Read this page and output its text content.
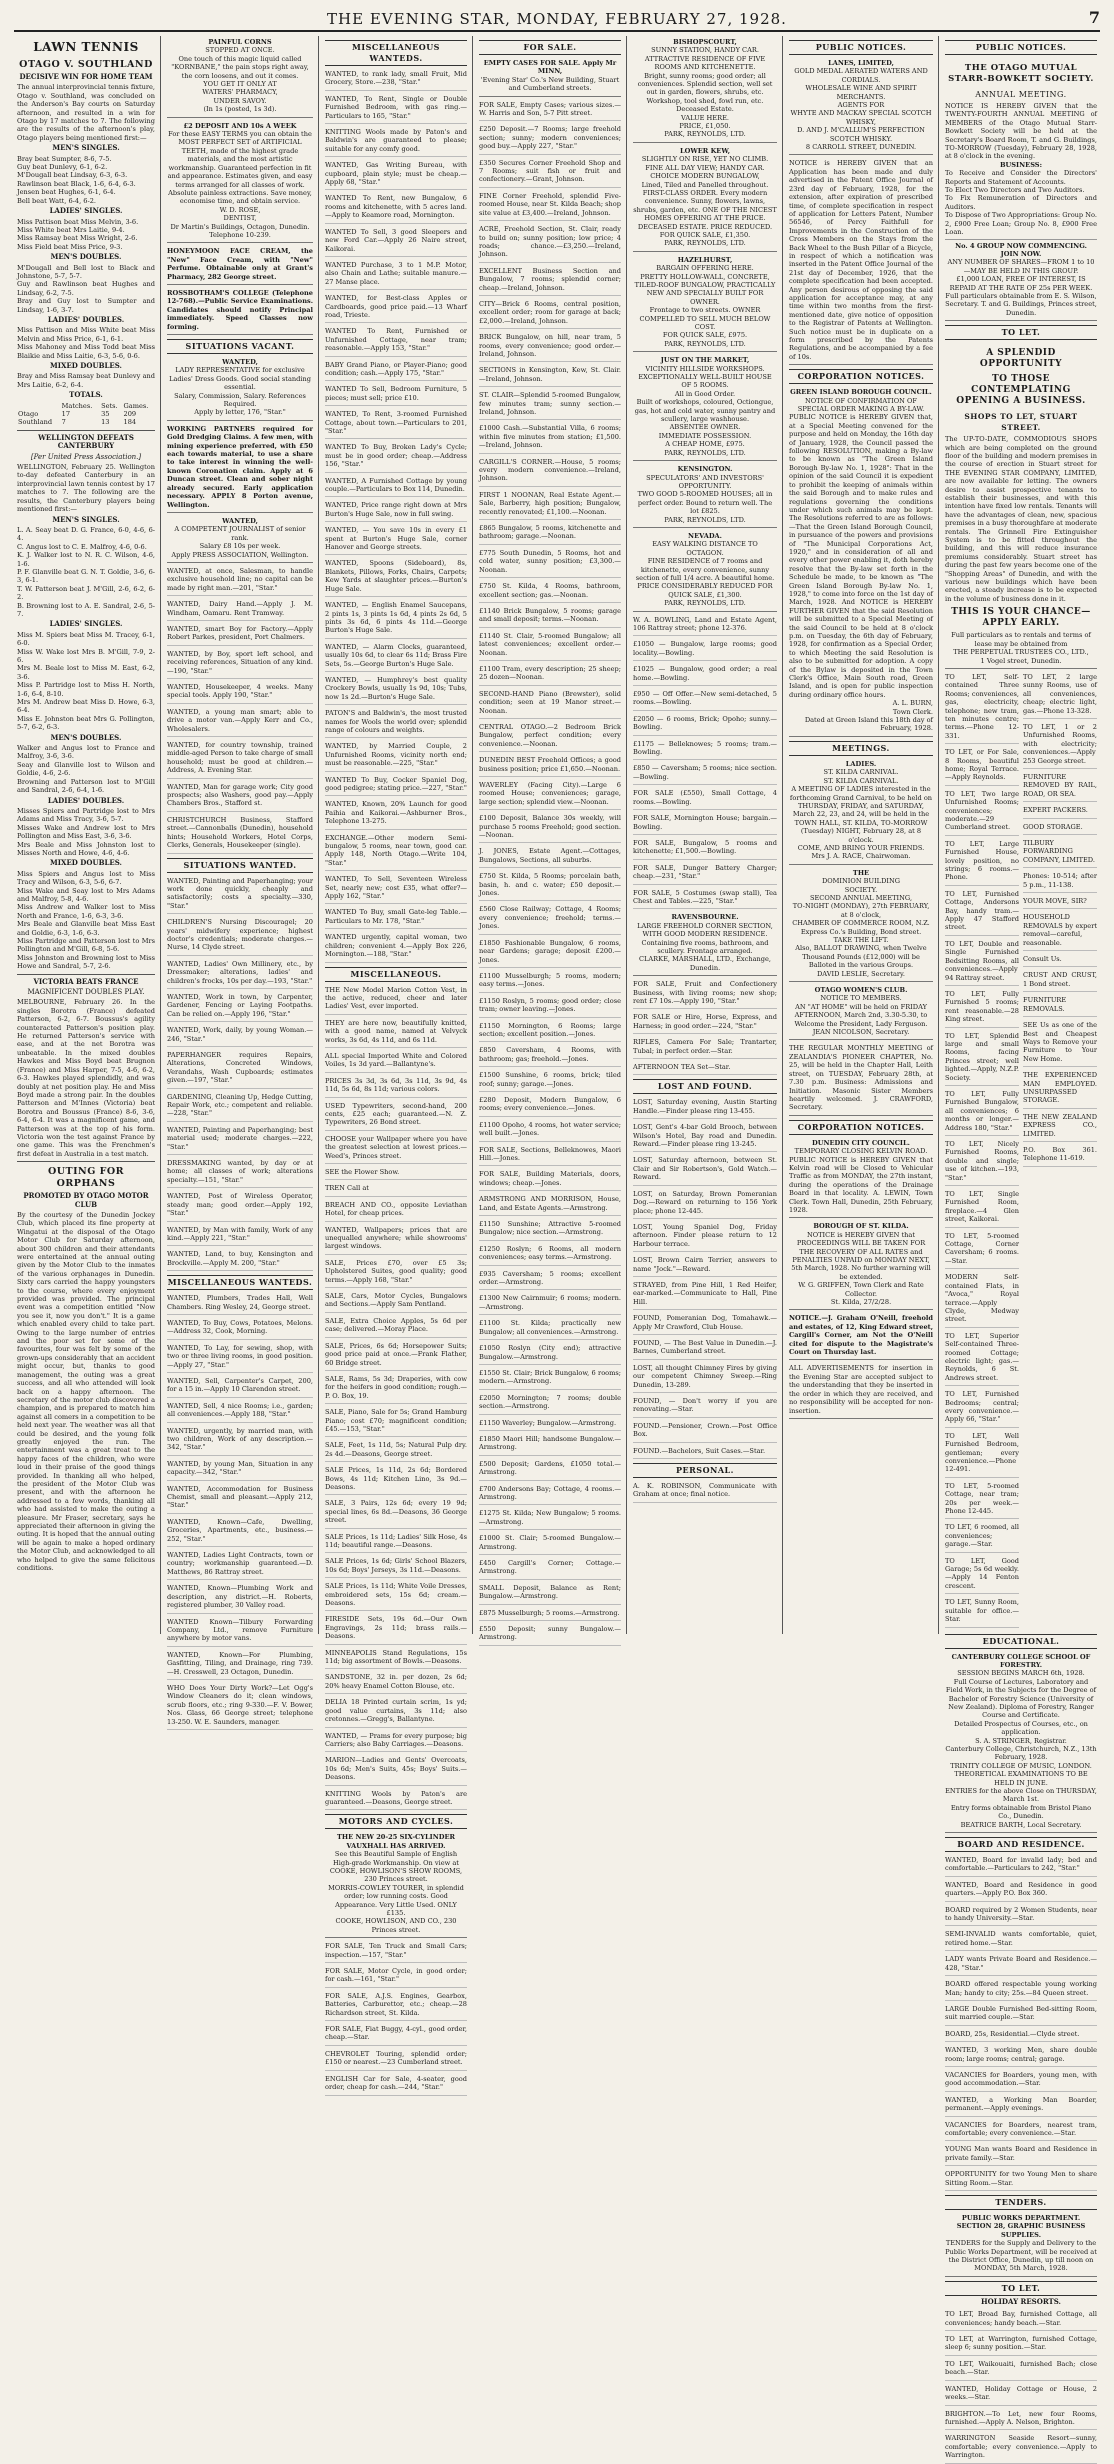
THE EVENING STAR, MONDAY, FEBRUARY 27, 1928.	7
LAWN TENNIS
OTAGO V. SOUTHLAND
DECISIVE WIN FOR HOME TEAM

The annual interprovincial tennis fixture, Otago v. Southland, was concluded on the Anderson's Bay courts on Saturday afternoon, and resulted in a win for Otago by 17 matches to 7. The following are the results of the afternoon's play, Otago players being mentioned first:—

MEN'S SINGLES.
Bray beat Sumpter, 8-6, 7-5.
Guy beat Dunlevy, 6-1, 6-2.
M'Dougall beat Lindsay, 6-3, 6-3.
Rawlinson beat Black, 1-6, 6-4, 6-3.
Jensen beat Hughes, 6-1, 6-4.
Bell beat Watt, 6-4, 6-2.
LADIES' SINGLES.
Miss Pattison beat Miss Melvin, 3-6.
Miss White beat Mrs Laitie, 9-4.
Miss Ramsay beat Miss Wright, 2-6.
Miss Field beat Miss Price, 9-3.
MEN'S DOUBLES.
M'Dougall and Bell lost to Black and Johnstone, 5-7, 5-7.
Guy and Rawlinson beat Hughes and Lindsay, 6-2, 7-5.
Bray and Guy lost to Sumpter and Lindsay, 1-6, 3-7.
LADIES' DOUBLES.
Miss Pattison and Miss White beat Miss Melvin and Miss Price, 6-1, 6-1.
Miss Mahoney and Miss Todd beat Miss Blaikie and Miss Laitie, 6-3, 5-6, 0-6.
MIXED DOUBLES.
Bray and Miss Ramsay beat Dunlevy and Mrs Laitie, 6-2, 6-4.
TOTALS.
	Matches.	Sets.	Games.
Otago	17	35	209
Southland	7	13	184
WELLINGTON DEFEATS CANTERBURY
[Per United Press Association.]

WELLINGTON, February 25. Wellington to-day defeated Canterbury in an interprovincial lawn tennis contest by 17 matches to 7. The following are the results, the Canterbury players being mentioned first:—

MEN'S SINGLES.
L. A. Seay beat D. G. France, 6-0, 4-6, 6-4.
C. Angus lost to C. E. Malfroy, 4-6, 0-6.
K. J. Walker lost to N. R. C. Wilson, 4-6, 1-6.
P. F. Glanville beat G. N. T. Goldie, 3-6, 6-3, 6-1.
T. W. Patterson beat J. M'Gill, 2-6, 6-2, 6-2.
B. Browning lost to A. E. Sandral, 2-6, 5-7.
LADIES' SINGLES.
Miss M. Spiers beat Miss M. Tracey, 6-1, 6-0.
Miss W. Wake lost Mrs B. M'Gill, 7-9, 2-6.
Mrs M. Beale lost to Miss M. East, 6-2, 3-6.
Miss P. Partridge lost to Miss H. North, 1-6, 6-4, 8-10.
Mrs M. Andrew beat Miss D. Howe, 6-3, 6-4.
Miss E. Johnston beat Mrs G. Pollington, 5-7, 6-2, 6-3.
MEN'S DOUBLES.
Walker and Angus lost to France and Malfroy, 3-6, 3-6.
Seay and Glanville lost to Wilson and Goldie, 4-6, 2-6.
Browning and Patterson lost to M'Gill and Sandral, 2-6, 6-4, 1-6.
LADIES' DOUBLES.
Misses Spiers and Partridge lost to Mrs Adams and Miss Tracy, 3-6, 5-7.
Misses Wake and Andrew lost to Mrs Pollington and Miss East, 3-6, 3-6.
Mrs Beale and Miss Johnston lost to Misses North and Howe, 4-6, 4-6.
MIXED DOUBLES.
Miss Spiers and Angus lost to Miss Tracy and Wilson, 6-3, 5-6, 6-7.
Miss Wake and Seay lost to Mrs Adams and Malfroy, 5-8, 4-6.
Miss Andrew and Walker lost to Miss North and France, 1-6, 6-3, 3-6.
Mrs Beale and Glanville beat Miss East and Goldie, 6-3, 1-6, 6-3.
Miss Partridge and Patterson lost to Mrs Pollington and M'Gill, 6-8, 5-6.
Miss Johnston and Browning lost to Miss Howe and Sandral, 5-7, 2-6.
VICTORIA BEATS FRANCE
MAGNIFICENT DOUBLES PLAY.

MELBOURNE, February 26. In the singles Borotra (France) defeated Patterson, 6-2, 6-7. Boussus's agility counteracted Patterson's position play. He returned Patterson's service with ease, and at the net Borotra was unbeatable. In the mixed doubles Hawkes and Miss Boyd beat Brugnon (France) and Miss Harper, 7-5, 4-6, 6-2, 6-3. Hawkes played splendidly, and was doubly at net position play. He and Miss Boyd made a strong pair. In the doubles Patterson and M'Innes (Victoria) beat Borotra and Boussus (France) 8-6, 3-6, 6-4, 6-4. It was a magnificent game, and Patterson was at the top of his form. Victoria won the test against France by one game. This was the Frenchmen's first defeat in Australia in a test match.

OUTING FOR ORPHANS
PROMOTED BY OTAGO MOTOR CLUB

By the courtesy of the Dunedin Jockey Club, which placed its fine property at Wingatui at the disposal of the Otago Motor Club for Saturday afternoon, about 300 children and their attendants were entertained at the annual outing given by the Motor Club to the inmates of the various orphanages in Dunedin. Sixty cars carried the happy youngsters to the course, where every enjoyment provided was provided. The principal event was a competition entitled "Now you see it, now you don't." It is a game which enabled every child to take part. Owing to the large number of entries and the poor set for some of the favourites, four was felt by some of the grown-ups considerably that an accident might occur, but, thanks to good management, the outing was a great success, and all who attended will look back on a happy afternoon. The secretary of the motor club discovered a champion, and is prepared to match him against all comers in a competition to be held next year. The weather was all that could be desired, and the young folk greatly enjoyed the run. The entertainment was a great treat to the happy faces of the children, who were loud in their praise of the good things provided. In thanking all who helped, the president of the Motor Club was present, and with the afternoon he addressed to a few words, thanking all who had assisted to make the outing a pleasure. Mr Fraser, secretary, says he appreciated their afternoon in giving the outing. It is hoped that the annual outing will be again to make a hoped ordinary the Motor Club, and acknowledged to all who helped to give the same felicitous conditions.

PAINFUL CORNS
STOPPED AT ONCE.
One touch of this magic liquid called "KORNBANE," the pain stops right away, the corn loosens, and out it comes.
YOU GET IT ONLY AT
WATERS' PHARMACY,
UNDER SAVOY.
(In 1s (posted, 1s 3d).
£2 DEPOSIT AND 10s A WEEK
For these EASY TERMS you can obtain the MOST PERFECT SET of ARTIFICIAL TEETH, made of the highest grade materials, and the most artistic workmanship. Guaranteed perfection in fit and appearance. Estimates given, and easy terms arranged for all classes of work.
Absolute painless extractions. Save money, economise time, and obtain service.
W. D. ROSE,
DENTIST,
Dr Martin's Buildings, Octagon, Dunedin. Telephone 10-239.
HONEYMOON FACE CREAM, the "New" Face Cream, with "New" Perfume. Obtainable only at Grant's Pharmacy, 282 George street.
ROSSBOTHAM'S COLLEGE (Telephone 12-768).—Public Service Examinations. Candidates should notify Principal immediately. Speed Classes now forming.
SITUATIONS VACANT.
WANTED,
LADY REPRESENTATIVE for exclusive Ladies' Dress Goods. Good social standing essential.
Salary, Commission, Salary. References Required.
Apply by letter, 176, "Star."
WORKING PARTNERS required for Gold Dredging Claims. A few men, with mining experience preferred, with £50 each towards material, to use a share to take interest in winning the well-known Coronation claim. Apply at 6 Duncan street. Clean and sober night already secured. Early application necessary. APPLY 8 Porton avenue, Wellington.
WANTED,
A COMPETENT JOURNALIST of senior rank.
Salary £8 10s per week.
Apply PRESS ASSOCIATION, Wellington.

WANTED, at once, Salesman, to handle exclusive household line; no capital can be made by right man.—201, "Star."

WANTED, Dairy Hand.—Apply J. M. Windham, Oamaru. Rent Tramway.

WANTED, smart Boy for Factory.—Apply Robert Parkes, president, Port Chalmers.

WANTED, by Boy, sport left school, and receiving references, Situation of any kind.—190, "Star."

WANTED, Housekeeper, 4 weeks. Many special tools. Apply 190, "Star."

WANTED, a young man smart; able to drive a motor van.—Apply Kerr and Co., Wholesalers.

WANTED, for country township, trained middle-aged Person to take charge of small household; must be good at children.—Address, A. Evening Star.

WANTED, Man for garage work; City good prospects; also Washers, good pay.—Apply Chambers Bros., Stafford st.

CHRISTCHURCH Business, Stafford street.—Cannonballs (Dunedin), household hints; Household Workers, Hotel Corps, Clerks, Generals, Housekeeper (single).

SITUATIONS WANTED.

WANTED, Painting and Paperhanging; your work done quickly, cheaply and satisfactorily; costs a specialty.—330, "Star."

CHILDREN'S Nursing Discouragel; 20 years' midwifery experience; highest doctor's credentials; moderate charges.—Nurse, 14 Clyde street.

WANTED, Ladies' Own Millinery, etc., by Dressmaker; alterations, ladies' and children's frocks, 10s per day.—193, "Star."

WANTED, Work in town, by Carpenter, Gardener, Fencing or Laying Footpaths. Can be relied on.—Apply 196, "Star."

WANTED, Work, daily, by young Woman.—246, "Star."

PAPERHANGER requires Repairs, Alterations, Concreted Windows, Verandahs, Wash Cupboards; estimates given.—197, "Star."

GARDENING, Cleaning Up, Hedge Cutting, Repair Work, etc.; competent and reliable.—228, "Star."

WANTED, Painting and Paperhanging; best material used; moderate charges.—222, "Star."

DRESSMAKING wanted, by day or at home; all classes of work; alterations specialty.—151, "Star."

WANTED, Post of Wireless Operator, steady man; good order.—Apply 192, "Star."

WANTED, by Man with family, Work of any kind.—Apply 221, "Star."

WANTED, Land, to buy, Kensington and Brockville.—Apply M. 200, "Star."

MISCELLANEOUS WANTEDS.

WANTED, Plumbers, Trades Hall, Well Chambers. Ring Wesley, 24, George street.

WANTED, To Buy, Cows, Potatoes, Melons.—Address 32, Cook, Morning.

WANTED, To Lay, for sewing, shop, with two or three living rooms, in good position.—Apply 27, "Star."

WANTED, Sell, Carpenter's Carpet, 200, for a 15 in.—Apply 10 Clarendon street.

WANTED, Sell, 4 nice Rooms; i.e., garden; all conveniences.—Apply 188, "Star."

WANTED, urgently, by married man, with two children, Work of any description.—342, "Star."

WANTED, by young Man, Situation in any capacity.—342, "Star."

WANTED, Accommodation for Business Chemist, small and pleasant.—Apply 212, "Star."

WANTED, Known—Cafe, Dwelling, Groceries, Apartments, etc., business.—252, "Star."

WANTED, Ladies Light Contracts, town or country; workmanship guaranteed.—D. Matthews, 86 Rattray street.

WANTED, Known—Plumbing Work and description, any district.—H. Roberts, registered plumber, 30 Valley road.

WANTED Known—Tilbury Forwarding Company, Ltd., remove Furniture anywhere by motor vans.

WANTED, Known—For Plumbing, Gasfitting, Tiling, and Drainage, ring 739.—H. Cresswell, 23 Octagon, Dunedin.

WHO Does Your Dirty Work?—Let Ogg's Window Cleaners do it; clean windows, scrub floors, etc.; ring 9-330.—F. V. Bower, Nos. Glass, 66 George street; telephone 13-250. W. E. Saunders, manager.

MISCELLANEOUS WANTEDS.

WANTED, to rank lady, small Fruit, Mid Grocery, Store.—238, "Star."

WANTED, To Rent, Single or Double Furnished Bedroom, with gas ring.—Particulars to 165, "Star."

KNITTING Wools made by Paton's and Baldwin's are guaranteed to please; suitable for any comfy good.

WANTED, Gas Writing Bureau, with cupboard, plain style; must be cheap.—Apply 68, "Star."

WANTED To Rent, new Bungalow, 6 rooms and kitchenette, with 5 acres land.—Apply to Keamore road, Mornington.

WANTED To Sell, 3 good Sleepers and new Ford Car.—Apply 26 Naire street, Kaikorai.

WANTED Purchase, 3 to 1 M.P. Motor, also Chain and Lathe; suitable manure.—27 Manse place.

WANTED, for Best-class Apples or Cardboards, good price paid.—13 Wharf road, Trieste.

WANTED To Rent, Furnished or Unfurnished Cottage, near tram; reasonable.—Apply 153, "Star."

BABY Grand Piano, or Player-Piano; good condition; cash.—Apply 175, "Star."

WANTED To Sell, Bedroom Furniture, 5 pieces; must sell; price £10.

WANTED, To Rent, 3-roomed Furnished Cottage, about town.—Particulars to 201, "Star."

WANTED To Buy, Broken Lady's Cycle; must be in good order; cheap.—Address 156, "Star."

WANTED, A Furnished Cottage by young couple.—Particulars to Box 114, Dunedin.

WANTED, Price range right down at Mrs Burton's Huge Sale, now in full swing.

WANTED, — You save 10s in every £1 spent at Burton's Huge Sale, corner Hanover and George streets.

WANTED, Spoons (Sideboard), 8s, Blankets, Pillows, Forks, Chairs, Carpets; Kew Yards at slaughter prices.—Burton's Huge Sale.

WANTED, — English Enamel Saucepans, 2 pints 1s, 3 pints 1s 6d, 4 pints 2s 6d, 5 pints 3s 6d, 6 pints 4s 11d.—George Burton's Huge Sale.

WANTED, — Alarm Clocks, guaranteed, usually 10s 6d, to clear 6s 11d; Brass Fire Sets, 5s.—George Burton's Huge Sale.

WANTED, — Humphrey's best quality Crockery Bowls, usually 1s 9d, 10s; Tubs, now 1s 2d.—Burton's Huge Sale.

PATON'S and Baldwin's, the most trusted names for Wools the world over; splendid range of colours and weights.

WANTED, by Married Couple, 2 Unfurnished Rooms, vicinity north end; must be reasonable.—225, "Star."

WANTED To Buy, Cocker Spaniel Dog, good pedigree; stating price.—227, "Star."

WANTED, Known, 20% Launch for good Paihia and Kaikorai.—Ashburner Bros., Telephone 13-275.

EXCHANGE.—Other modern Semi-bungalow, 5 rooms, near town, good car. Apply 148, North Otago.—Write 104, "Star."

WANTED, To Sell, Seventeen Wireless Set, nearly new; cost £35, what offer?—Apply 162, "Star."

WANTED To Buy, small Gate-leg Table.—Particulars to Mr. 178, "Star."

WANTED urgently, capital woman, two children; convenient 4.—Apply Box 226, Mornington.—188, "Star."

MISCELLANEOUS.

THE New Model Marion Cotton Vest, in the active, reduced, cheer and later Ladies' Vest, ever imported.

THEY are here now, beautifully knitted, with a good name, named at Velvyck works, 3s 6d, 4s 11d, and 6s 11d.

ALL special Imported White and Colored Voiles, 1s 3d yard.—Ballantyne's.

PRICES 3s 3d, 3s 6d, 3s 11d, 3s 9d, 4s 11d, 5s 6d, 8s 11d; various colors.

USED Typewriters, second-hand, 200 cents, £25 each; guaranteed.—N. Z. Typewriters, 26 Bond street.

CHOOSE your Wallpaper where you have the greatest selection at lowest prices.—Weed's, Princes street.

SEE the Flower Show.

TREN Call at

BREACH AND CO., opposite Leviathan Hotel, for cheap prices.

WANTED, Wallpapers; prices that are unequalled anywhere; while showrooms' largest windows.

SALE, Prices £70, over £5 3s; Upholstered Suites, good quality; good terms.—Apply 168, "Star."

SALE, Cars, Motor Cycles, Bungalows and Sections.—Apply Sam Pentland.

SALE, Extra Choice Apples, 5s 6d per case; delivered.—Moray Place.

SALE, Prices, 6s 6d; Horsepower Suits; good price paid at once.—Frank Flather, 60 Bridge street.

SALE, Rams, 5s 3d; Draperies, with cow for the heifers in good condition; rough.—P. O. Box, 19.

SALE, Piano, Sale for 5s; Grand Hamburg Piano; cost £70; magnificent condition; £45.—153, "Star."

SALE, Feet, 1s 11d, 5s; Natural Pulp dry. 2s 4d.—Deasons, George street.

SALE Prices, 1s 11d, 2s 6d; Bordered Bows, 4s 11d; Kitchen Lino, 3s 9d.—Deasons.

SALE, 3 Pairs, 12s 6d; every 19 9d; special lines, 6s 8d.—Deasons, 36 George street.

SALE Prices, 1s 11d; Ladies' Silk Hose, 4s 11d; beautiful range.—Deasons.

SALE Prices, 1s 6d; Girls' School Blazers, 10s 6d; Boys' Jerseys, 3s 11d.—Deasons.

SALE Prices, 1s 11d; White Voile Dresses, embroidered sets, 15s 6d; cream.—Deasons.

FIRESIDE Sets, 19s 6d.—Our Own Engravings, 2s 11d; brass rails.—Deasons.

MINNEAPOLIS Stand Regulations, 15s 11d; big assortment of Bowls.—Deasons.

SANDSTONE, 32 in. per dozen, 2s 6d; 20% heavy Enamel Cotton Blouse, etc.

DELIA 18 Printed curtain scrim, 1s yd; good value curtains, 3s 11d; also cretonnes.—Gregg's, Ballantyne.

WANTED, — Prams for every purpose; big Carriers; also Baby Carriages.—Deasons.

MARION—Ladies and Gents' Overcoats, 10s 6d; Men's Suits, 45s; Boys' Suits.—Deasons.

KNITTING Wools by Paton's are guaranteed.—Deasons, George street.

MOTORS AND CYCLES.
THE NEW 20-25 SIX-CYLINDER VAUXHALL HAS ARRIVED.
See this Beautiful Sample of English High-grade Workmanship. On view at
COOKE, HOWLISON'S SHOW ROOMS,
230 Princes street.
MORRIS-COWLEY TOURER, in splendid order; low running costs. Good Appearance. Very Little Used. ONLY £135.
COOKE, HOWLISON, AND CO., 230 Princes street.

FOR SALE, Ten Truck and Small Cars; inspection.—157, "Star."

FOR SALE, Motor Cycle, in good order; for cash.—161, "Star."

FOR SALE, A.J.S. Engines, Gearbox, Batteries, Carburettor, etc.; cheap.—28 Richardson street, St. Kilda.

FOR SALE, Fiat Buggy, 4-cyl., good order, cheap.—Star.

CHEVROLET Touring, splendid order; £150 or nearest.—23 Cumberland street.

ENGLISH Car for Sale, 4-seater, good order, cheap for cash.—244, "Star."

FOR SALE.
EMPTY CASES FOR SALE. Apply Mr MINN,
'Evening Star' Co.'s New Building, Stuart and Cumberland streets.

FOR SALE, Empty Cases; various sizes.—W. Harris and Son, 5-7 Pitt street.

£250 Deposit.—7 Rooms; large freehold section; sunny; modern conveniences; good buy.—Apply 227, "Star."

£350 Secures Corner Freehold Shop and 7 Rooms; suit fish or fruit and confectionery.—Grant, Johnson.

FINE Corner Freehold, splendid Five-roomed House, near St. Kilda Beach; shop site value at £3,400.—Ireland, Johnson.

ACRE, Freehold Section, St. Clair, ready to build on; sunny position; low price; 4 roads; chance.—£3,250.—Ireland, Johnson.

EXCELLENT Business Section and Bungalow, 7 rooms; splendid corner; cheap.—Ireland, Johnson.

CITY—Brick 6 Rooms, central position, excellent order; room for garage at back; £2,000.—Ireland, Johnson.

BRICK Bungalow, on hill, near tram, 5 rooms, every convenience; good order.—Ireland, Johnson.

SECTIONS in Kensington, Kew, St. Clair.—Ireland, Johnson.

ST. CLAIR—Splendid 5-roomed Bungalow, few minutes tram; sunny section.—Ireland, Johnson.

£1000 Cash.—Substantial Villa, 6 rooms; within five minutes from station; £1,500.—Ireland, Johnson.

CARGILL'S CORNER.—House, 5 rooms; every modern convenience.—Ireland, Johnson.

FIRST 1 NOONAN, Real Estate Agent.—Sale, Barberry, high position; Bungalow, recently renovated; £1,100.—Noonan.

£865 Bungalow, 5 rooms, kitchenette and bathroom; garage.—Noonan.

£775 South Dunedin, 5 Rooms, hot and cold water, sunny position; £3,300.—Noonan.

£750 St. Kilda, 4 Rooms, bathroom, excellent section; gas.—Noonan.

£1140 Brick Bungalow, 5 rooms; garage and small deposit; terms.—Noonan.

£1140 St. Clair, 5-roomed Bungalow; all latest conveniences; excellent order.—Noonan.

£1100 Tram, every description; 25 sheep; 25 dozen—Noonan.

SECOND-HAND Piano (Brewster), solid condition; seen at 19 Manor street.—Noonan.

CENTRAL OTAGO.—2 Bedroom Brick Bungalow, perfect condition; every convenience.—Noonan.

DUNEDIN BEST Freehold Offices; a good business position; price £1,650.—Noonan.

WAVERLEY (Facing City).—Large 6 roomed House; conveniences; garage, large section; splendid view.—Noonan.

£100 Deposit, Balance 30s weekly, will purchase 5 rooms Freehold; good section.—Noonan.

J. JONES, Estate Agent.—Cottages, Bungalows, Sections, all suburbs.

£750 St. Kilda, 5 Rooms; porcelain bath, basin, h. and c. water; £50 deposit.—Jones.

£560 Close Railway; Cottage, 4 Rooms; every convenience; freehold; terms.—Jones.

£1850 Fashionable Bungalow, 6 rooms, near Gardens; garage; deposit £200.—Jones.

£1100 Musselburgh; 5 rooms, modern; easy terms.—Jones.

£1150 Roslyn, 5 rooms; good order; close tram; owner leaving.—Jones.

£1150 Mornington, 6 Rooms; large section; excellent position.—Jones.

£850 Caversham, 4 Rooms, with bathroom; gas; freehold.—Jones.

£1500 Sunshine, 6 rooms, brick; tiled roof; sunny; garage.—Jones.

£280 Deposit, Modern Bungalow, 6 rooms; every convenience.—Jones.

£1100 Opoho, 4 rooms, hot water service; well built.—Jones.

FOR SALE, Sections, Belleknowes, Maori Hill.—Jones.

FOR SALE, Building Materials, doors, windows; cheap.—Jones.

ARMSTRONG AND MORRISON, House, Land, and Estate Agents.—Armstrong.

£1150 Sunshine; Attractive 5-roomed Bungalow; nice section.—Armstrong.

£1250 Roslyn; 6 Rooms, all modern conveniences; easy terms.—Armstrong.

£935 Caversham; 5 rooms; excellent order.—Armstrong.

£1300 New Cairnmuir; 6 rooms; modern.—Armstrong.

£1100 St. Kilda; practically new Bungalow; all conveniences.—Armstrong.

£1050 Roslyn (City end); attractive Bungalow.—Armstrong.

£1550 St. Clair; Brick Bungalow, 6 rooms; modern.—Armstrong.

£2050 Mornington; 7 rooms; double section.—Armstrong.

£1150 Waverley; Bungalow.—Armstrong.

£1850 Maori Hill; handsome Bungalow.—Armstrong.

£500 Deposit; Gardens, £1050 total.—Armstrong.

£700 Andersons Bay; Cottage, 4 rooms.—Armstrong.

£1275 St. Kilda; New Bungalow; 5 rooms.—Armstrong.

£1000 St. Clair; 5-roomed Bungalow.—Armstrong.

£450 Cargill's Corner; Cottage.—Armstrong.

SMALL Deposit, Balance as Rent; Bungalow.—Armstrong.

£875 Musselburgh; 5 rooms.—Armstrong.

£550 Deposit; sunny Bungalow.—Armstrong.

BISHOPSCOURT,
SUNNY STATION, HANDY CAR.
ATTRACTIVE RESIDENCE OF FIVE ROOMS AND KITCHENETTE.
Bright, sunny rooms; good order; all conveniences. Splendid section, well set out in garden, flowers, shrubs, etc. Workshop, tool shed, fowl run, etc.
Deceased Estate.
VALUE HERE.
PRICE, £1,050.
PARK, REYNOLDS, LTD.
LOWER KEW,
SLIGHTLY ON RISE, YET NO CLIMB. FINE ALL DAY VIEW; HANDY CAR. CHOICE MODERN BUNGALOW,
Lined, Tiled and Panelled throughout. FIRST-CLASS ORDER. Every modern convenience. Sunny, flowers, lawns, shrubs, garden, etc. ONE OF THE NICEST HOMES OFFERING AT THE PRICE.
DECEASED ESTATE. PRICE REDUCED.
FOR QUICK SALE, £1,350.
PARK, REYNOLDS, LTD.
HAZELHURST,
BARGAIN OFFERING HERE.
PRETTY HOLLOW-WALL, CONCRETE, TILED-ROOF BUNGALOW, PRACTICALLY NEW AND SPECIALLY BUILT FOR OWNER.
Frontage to two streets. OWNER COMPELLED TO SELL MUCH BELOW COST.
FOR QUICK SALE, £975.
PARK, REYNOLDS, LTD.
JUST ON THE MARKET,
VICINITY HILLSIDE WORKSHOPS.
EXCEPTIONALLY WELL-BUILT HOUSE OF 5 ROOMS.
All in Good Order.
Built of workshops, coloured, Octiongue, gas, hot and cold water, sunny pantry and scullery, large washhouse.
ABSENTEE OWNER.
IMMEDIATE POSSESSION.
A CHEAP HOME, £975.
PARK, REYNOLDS, LTD.
KENSINGTON.
SPECULATORS' AND INVESTORS' OPPORTUNITY.
TWO GOOD 5-ROOMED HOUSES; all in perfect order. Bound to return well. The lot £825.
PARK, REYNOLDS, LTD.
NEVADA.
EASY WALKING DISTANCE TO OCTAGON.
FINE RESIDENCE of 7 rooms and kitchenette, every convenience, sunny section of full 1/4 acre. A beautiful home.
PRICE CONSIDERABLY REDUCED FOR QUICK SALE, £1,300.
PARK, REYNOLDS, LTD.

W. A. BOWLING, Land and Estate Agent, 106 Rattray street; phone 12-376.

£1050 — Bungalow, large rooms; good locality.—Bowling.

£1025 — Bungalow, good order; a real home.—Bowling.

£950 — Off Offer.—New semi-detached, 5 rooms.—Bowling.

£2050 — 6 rooms, Brick; Opoho; sunny.—Bowling.

£1175 — Belleknowes; 5 rooms; tram.—Bowling.

£850 — Caversham; 5 rooms; nice section.—Bowling.

FOR SALE (£550), Small Cottage, 4 rooms.—Bowling.

FOR SALE, Mornington House; bargain.—Bowling.

FOR SALE, Bungalow, 5 rooms and kitchenette; £1,500.—Bowling.

FOR SALE, Dunger Battery Charger; cheap.—231, "Star."

FOR SALE, 5 Costumes (swap stall), Tea Chest and Tables.—225, "Star."

RAVENSBOURNE.
LARGE FREEHOLD CORNER SECTION, WITH GOOD MODERN RESIDENCE.
Containing five rooms, bathroom, and scullery. Frontage arranged.
CLARKE, MARSHALL, LTD., Exchange, Dunedin.

FOR SALE, Fruit and Confectionery Business, with living rooms; new shop; rent £7 10s.—Apply 190, "Star."

FOR SALE or Hire, Horse, Express, and Harness; in good order.—224, "Star."

RIFLES, Camera For Sale; Trantarter, Tubal; in perfect order.—Star.

AFTERNOON TEA Set—Star.

LOST AND FOUND.

LOST, Saturday evening, Austin Starting Handle.—Finder please ring 13-455.

LOST, Gent's 4-bar Gold Brooch, between Wilson's Hotel, Bay road and Dunedin. Reward.—Finder please ring 13-245.

LOST, Saturday afternoon, between St. Clair and Sir Robertson's, Gold Watch.—Reward.

LOST, on Saturday, Brown Pomeranian Dog.—Reward on returning to 156 York place; phone 12-445.

LOST, Young Spaniel Dog, Friday afternoon. Finder please return to 12 Harbour terrace.

LOST, Brown Cairn Terrier, answers to name "Jock."—Reward.

STRAYED, from Pine Hill, 1 Red Heifer, ear-marked.—Communicate to Hall, Pine Hill.

FOUND, Pomeranian Dog, Tomahawk.—Apply Mr Crawford, Club House.

FOUND, — The Best Value in Dunedin.—J. Barnes, Cumberland street.

LOST, all thought Chimney Fires by giving our competent Chimney Sweep.—Ring Dunedin, 13-289.

FOUND, — Don't worry if you are renovating.—Star.

FOUND.—Pensioner, Crown.—Post Office Box.

FOUND.—Bachelors, Suit Cases.—Star.

PERSONAL.

A. K. ROBINSON, Communicate with Graham at once; final notice.

PUBLIC NOTICES.
LANES, LIMITED,
GOLD MEDAL AERATED WATERS AND CORDIALS.
WHOLESALE WINE AND SPIRIT MERCHANTS.
AGENTS FOR
WHYTE AND MACKAY SPECIAL SCOTCH WHISKY,
D. AND J. M'CALLUM'S PERFECTION SCOTCH WHISKY.
8 CARROLL STREET, DUNEDIN.

NOTICE is HEREBY GIVEN that an Application has been made and duly advertised in the Patent Office Journal of 23rd day of February, 1928, for the extension, after expiration of prescribed time, of complete specification in respect of application for Letters Patent, Number 56546, of Percy Faithfull for Improvements in the Construction of the Cross Members on the Stays from the Back Wheel to the Bush Pillar of a Bicycle, in respect of which a notification was inserted in the Patent Office Journal of the 21st day of December, 1926, that the complete specification had been accepted. Any person desirous of opposing the said application for acceptance may, at any time within two months from the first-mentioned date, give notice of opposition to the Registrar of Patents at Wellington. Such notice must be in duplicate on a form prescribed by the Patents Regulations, and be accompanied by a fee of 10s.

CORPORATION NOTICES.
GREEN ISLAND BOROUGH COUNCIL.
NOTICE OF CONFIRMATION OF SPECIAL ORDER MAKING A BY-LAW.

PUBLIC NOTICE is HEREBY GIVEN that, at a Special Meeting convened for the purpose and held on Monday, the 16th day of January, 1928, the Council passed the following RESOLUTION, making a By-law to be known as "The Green Island Borough By-law No. 1, 1928": That in the opinion of the said Council it is expedient to prohibit the keeping of animals within the said Borough and to make rules and regulations governing the conditions under which such animals may be kept. The Resolutions referred to are as follows:—That the Green Island Borough Council, in pursuance of the powers and provisions of "The Municipal Corporations Act, 1920," and in consideration of all and every other power enabling it, doth hereby resolve that the By-law set forth in the Schedule be made, to be known as "The Green Island Borough By-law No. 1, 1928," to come into force on the 1st day of March, 1928. And NOTICE is HEREBY FURTHER GIVEN that the said Resolution will be submitted to a Special Meeting of the said Council to be held at 8 o'clock p.m. on Tuesday, the 6th day of February, 1928, for confirmation as a Special Order, to which Meeting the said Resolution is also to be submitted for adoption. A copy of the Bylaw is deposited in the Town Clerk's Office, Main South road, Green Island, and is open for public inspection during ordinary office hours.

A. L. BURN,
Town Clerk.
Dated at Green Island this 18th day of February, 1928.
MEETINGS.
LADIES.
ST. KILDA CARNIVAL.
ST. KILDA CARNIVAL.
A MEETING OF LADIES interested in the forthcoming Grand Carnival, to be held on THURSDAY, FRIDAY, and SATURDAY, March 22, 23, and 24, will be held in the TOWN HALL, ST. KILDA, TO-MORROW (Tuesday) NIGHT, February 28, at 8 o'clock.
COME, AND BRING YOUR FRIENDS.
Mrs J. A. RACE, Chairwoman.
THE
DOMINION BUILDING
SOCIETY.
SECOND ANNUAL MEETING,
TO-NIGHT (MONDAY), 27th FEBRUARY, at 8 o'clock,
CHAMBER OF COMMERCE ROOM, N.Z. Express Co.'s Building, Bond street.
TAKE THE LIFT.
Also, BALLOT DRAWING, when Twelve Thousand Pounds (£12,000) will be Balloted in the various Groups.
DAVID LESLIE, Secretary.
OTAGO WOMEN'S CLUB.
NOTICE TO MEMBERS.
AN "AT HOME" will be held on FRIDAY AFTERNOON, March 2nd, 3.30-5.30, to Welcome the President, Lady Ferguson.
JEAN NICOLSON, Secretary.

THE REGULAR MONTHLY MEETING of ZEALANDIA'S PIONEER CHAPTER, No. 25, will be held in the Chapter Hall, Leith street, on TUESDAY, February 28th, at 7.30 p.m. Business: Admissions and Initiation. Masonic Sister Members heartily welcomed. J. CRAWFORD, Secretary.

CORPORATION NOTICES.
DUNEDIN CITY COUNCIL.
TEMPORARY CLOSING KELVIN ROAD.

PUBLIC NOTICE is HEREBY GIVEN that Kelvin road will be Closed to Vehicular Traffic as from MONDAY, the 27th instant, during the operations of the Drainage Board in that locality. A. LEWIN, Town Clerk. Town Hall, Dunedin, 25th February, 1928.

BOROUGH OF ST. KILDA.
NOTICE is HEREBY GIVEN that PROCEEDINGS WILL BE TAKEN FOR THE RECOVERY OF ALL RATES and PENALTIES UNPAID on MONDAY NEXT, 5th March, 1928. No further warning will be extended.
W. G. GRIFFEN, Town Clerk and Rate Collector.
St. Kilda, 27/2/28.
NOTICE.—J. Graham O'Neill, freehold and estates, of 12, King Edward street, Cargill's Corner, am Not the O'Neill cited for dispute to the Magistrate's Court on Thursday last.

ALL ADVERTISEMENTS for insertion in the Evening Star are accepted subject to the understanding that they be inserted in the order in which they are received, and no responsibility will be accepted for non-insertion.

PUBLIC NOTICES.
THE OTAGO MUTUAL STARR-BOWKETT SOCIETY.
ANNUAL MEETING.

NOTICE IS HEREBY GIVEN that the TWENTY-FOURTH ANNUAL MEETING of MEMBERS of the Otago Mutual Starr-Bowkett Society will be held at the Secretary's Board Room, T. and G. Buildings, TO-MORROW (Tuesday), February 28, 1928, at 8 o'clock in the evening.

BUSINESS:
To Receive and Consider the Directors' Reports and Statement of Accounts.
To Elect Two Directors and Two Auditors.
To Fix Remuneration of Directors and Auditors.
To Dispose of Two Appropriations: Group No. 2, £900 Free Loan; Group No. 8, £900 Free Loan.
No. 4 GROUP NOW COMMENCING.
JOIN NOW.
ANY NUMBER OF SHARES—FROM 1 to 10—MAY BE HELD IN THIS GROUP.
£1,000 LOAN, FREE OF INTEREST, IS REPAID AT THE RATE OF 25s PER WEEK.
Full particulars obtainable from E. S. Wilson, Secretary. T. and G. Buildings, Princes street, Dunedin.
TO LET.
A SPLENDID OPPORTUNITY
TO THOSE CONTEMPLATING OPENING A BUSINESS.
SHOPS TO LET, STUART STREET.

The UP-TO-DATE, COMMODIOUS SHOPS which are being completed on the ground floor of the building and modern premises in the course of erection in Stuart street for THE EVENING STAR COMPANY, LIMITED, are now available for letting. The owners desire to assist prospective tenants to establish their businesses, and with this intention have fixed low rentals. Tenants will have the advantages of clean, new, spacious premises in a busy thoroughfare at moderate rentals. The Grinnell Fire Extinguisher System is to be fitted throughout the building, and this will reduce insurance premiums considerably. Stuart street has during the past few years become one of the "Shopping Areas" of Dunedin, and with the various new buildings which have been erected, a steady increase is to be expected in the volume of business done in it.

THIS IS YOUR CHANCE—APPLY EARLY.
Full particulars as to rentals and terms of lease may be obtained from
THE PERPETUAL TRUSTEES CO., LTD.,
1 Vogel street, Dunedin.

TO LET, Self-contained Three Rooms; conveniences, gas, electricity, telephone; new tram, ten minutes centre; terms.—Phone 12-331.

TO LET, or For Sale, 8 Rooms, beautiful home; Royal Terrace.—Apply Reynolds.

TO LET, Two large Unfurnished Rooms; conveniences; moderate.—29 Cumberland street.

TO LET, Large Furnished House, lovely position, no strings; 6 rooms.—Phone.

TO LET, Furnished Cottage, Andersons Bay, handy tram.—Apply 47 Stafford street.

TO LET, Double and Single Furnished Bedsitting Rooms, all conveniences.—Apply 94 Rattray street.

TO LET, Fully Furnished 5 rooms; rent reasonable.—28 King street.

TO LET, Splendid large and small Rooms, facing Princes street; well lighted.—Apply, N.Z.P. Society.

TO LET, Fully Furnished Bungalow, all conveniences; 6 months or longer.—Address 180, "Star."

TO LET, Nicely Furnished Rooms, double and single; use of kitchen.—193, "Star."

TO LET, Single Furnished Room, fireplace.—4 Glen street, Kaikorai.

TO LET, 5-roomed Cottage, Corner Caversham; 6 rooms.—Star.

MODERN Self-contained Flats, in "Avoca," Royal terrace.—Apply Clyde, Medway street.

TO LET, Superior Self-contained Three-roomed Cottage; electric light; gas.—Reynolds, 6 St. Andrews street.

TO LET, Furnished Bedrooms; central; every convenience.—Apply 66, "Star."

TO LET, Well Furnished Bedroom, gentleman; every convenience.—Phone 12-491.

TO LET, 5-roomed Cottage, near tram; 20s per week.—Phone 12-445.

TO LET, 6 roomed, all conveniences; garage.—Star.

TO LET, Good Garage; 5s 6d weekly.—Apply 14 Fenton crescent.

TO LET, Sunny Room, suitable for office.—Star.

TO LET, 2 large sunny Rooms, use of all conveniences, cheap; electric light, gas.—Phone 13-328.

TO LET, 1 or 2 Unfurnished Rooms, with electricity; conveniences.—Apply 253 George street.

FURNITURE REMOVED BY RAIL, ROAD, OR SEA.

EXPERT PACKERS.

GOOD STORAGE.

TILBURY FORWARDING COMPANY, LIMITED.

Phones: 10-514; after 5 p.m., 11-138.

YOUR MOVE, SIR?

HOUSEHOLD REMOVALS by expert removal—careful, reasonable.

Consult Us.

CRUST AND CRUST, 1 Bond street.

FURNITURE REMOVALS.

SEE Us as one of the Best and Cheapest Ways to Remove your Furniture to Your New Home.

THE EXPERIENCED MAN EMPLOYED. UNSURPASSED STORAGE.

THE NEW ZEALAND EXPRESS CO., LIMITED.

P.O. Box 361. Telephone 11-619.

EDUCATIONAL.
CANTERBURY COLLEGE SCHOOL OF FORESTRY.
SESSION BEGINS MARCH 6th, 1928.
Full Course of Lectures, Laboratory and Field Work, in the Subjects for the Degree of Bachelor of Forestry Science (University of New Zealand). Diploma of Forestry, Ranger Course and Certificate.
Detailed Prospectus of Courses, etc., on application.
S. A. STRINGER, Registrar.
Canterbury College, Christchurch, N.Z., 13th February, 1928.
TRINITY COLLEGE OF MUSIC, LONDON.
THEORETICAL EXAMINATIONS TO BE HELD IN JUNE.
ENTRIES for the above Close on THURSDAY, March 1st.
Entry forms obtainable from Bristol Piano Co., Dunedin.
BEATRICE BARTH, Local Secretary.
BOARD AND RESIDENCE.

WANTED, Board for invalid lady; bed and comfortable.—Particulars to 242, "Star."

WANTED, Board and Residence in good quarters.—Apply P.O. Box 360.

BOARD required by 2 Women Students, near to handy University.—Star.

SEMI-INVALID wants comfortable, quiet, retired home.—Star.

LADY wants Private Board and Residence.—428, "Star."

BOARD offered respectable young working Man; handy to city; 25s.—84 Queen street.

LARGE Double Furnished Bed-sitting Room, suit married couple.—Star.

BOARD, 25s, Residential.—Clyde street.

WANTED, 3 working Men, share double room; large rooms; central; garage.

VACANCIES for Boarders, young men, with good accommodation.—Star.

WANTED, a Working Man Boarder, permanent.—Apply evenings.

VACANCIES for Boarders, nearest tram, comfortable; every convenience.—Star.

YOUNG Man wants Board and Residence in private family.—Star.

OPPORTUNITY for two Young Men to share Sitting Room.—Star.

TENDERS.
PUBLIC WORKS DEPARTMENT. SECTION 28, GRAPHIC BUSINESS SUPPLIES.
TENDERS for the Supply and Delivery to the Public Works Department, will be received at the District Office, Dunedin, up till noon on MONDAY, 5th March, 1928.
TO LET.
HOLIDAY RESORTS.

TO LET, Broad Bay, furnished Cottage, all conveniences; handy beach.—Star.

TO LET, at Warrington, furnished Cottage, sleep 6; sunny position.—Star.

TO LET, Waikouaiti, furnished Bach; close beach.—Star.

WANTED, Holiday Cottage or House, 2 weeks.—Star.

BRIGHTON.—To Let, new four Rooms, furnished.—Apply A. Nelson, Brighton.

WARRINGTON Seaside Resort—sunny, comfortable; every convenience.—Apply to Warrington.
